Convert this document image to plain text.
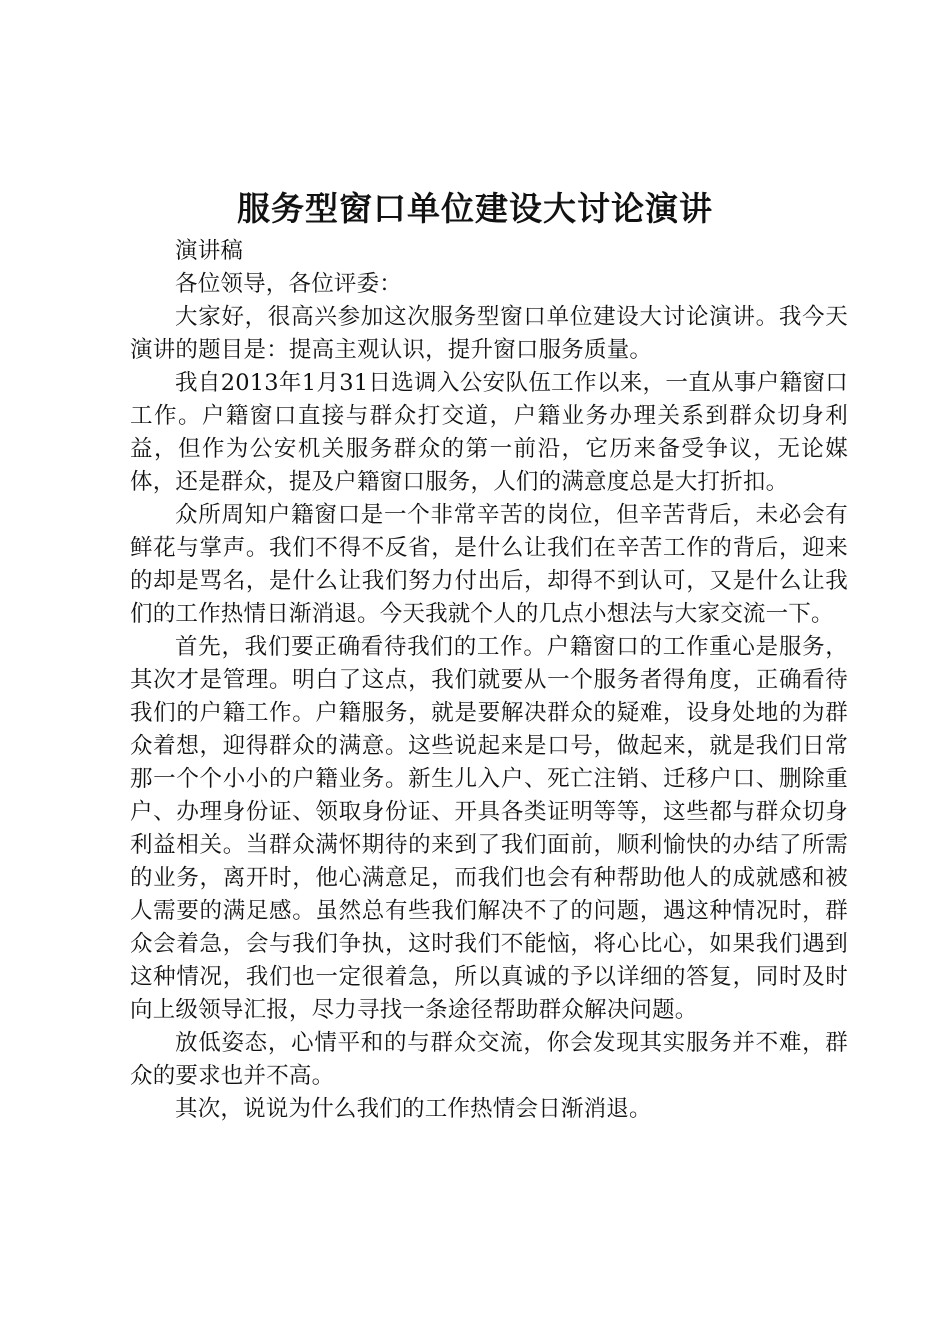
服务型窗口单位建设大讨论演讲

演讲稿

各位领导，各位评委：

大家好，很高兴参加这次服务型窗口单位建设大讨论演讲。我今天演讲的题目是：提高主观认识，提升窗口服务质量。

我自2013年1月31日选调入公安队伍工作以来，一直从事户籍窗口工作。户籍窗口直接与群众打交道，户籍业务办理关系到群众切身利益，但作为公安机关服务群众的第一前沿，它历来备受争议，无论媒体，还是群众，提及户籍窗口服务，人们的满意度总是大打折扣。

众所周知户籍窗口是一个非常辛苦的岗位，但辛苦背后，未必会有鲜花与掌声。我们不得不反省，是什么让我们在辛苦工作的背后，迎来的却是骂名，是什么让我们努力付出后，却得不到认可，又是什么让我们的工作热情日渐消退。今天我就个人的几点小想法与大家交流一下。

首先，我们要正确看待我们的工作。户籍窗口的工作重心是服务，其次才是管理。明白了这点，我们就要从一个服务者得角度，正确看待我们的户籍工作。户籍服务，就是要解决群众的疑难，设身处地的为群众着想，迎得群众的满意。这些说起来是口号，做起来，就是我们日常那一个个小小的户籍业务。新生儿入户、死亡注销、迁移户口、删除重户、办理身份证、领取身份证、开具各类证明等等，这些都与群众切身利益相关。当群众满怀期待的来到了我们面前，顺利愉快的办结了所需的业务，离开时，他心满意足，而我们也会有种帮助他人的成就感和被人需要的满足感。虽然总有些我们解决不了的问题，遇这种情况时，群众会着急，会与我们争执，这时我们不能恼，将心比心，如果我们遇到这种情况，我们也一定很着急，所以真诚的予以详细的答复，同时及时向上级领导汇报，尽力寻找一条途径帮助群众解决问题。

放低姿态，心情平和的与群众交流，你会发现其实服务并不难，群众的要求也并不高。

其次，说说为什么我们的工作热情会日渐消退。
